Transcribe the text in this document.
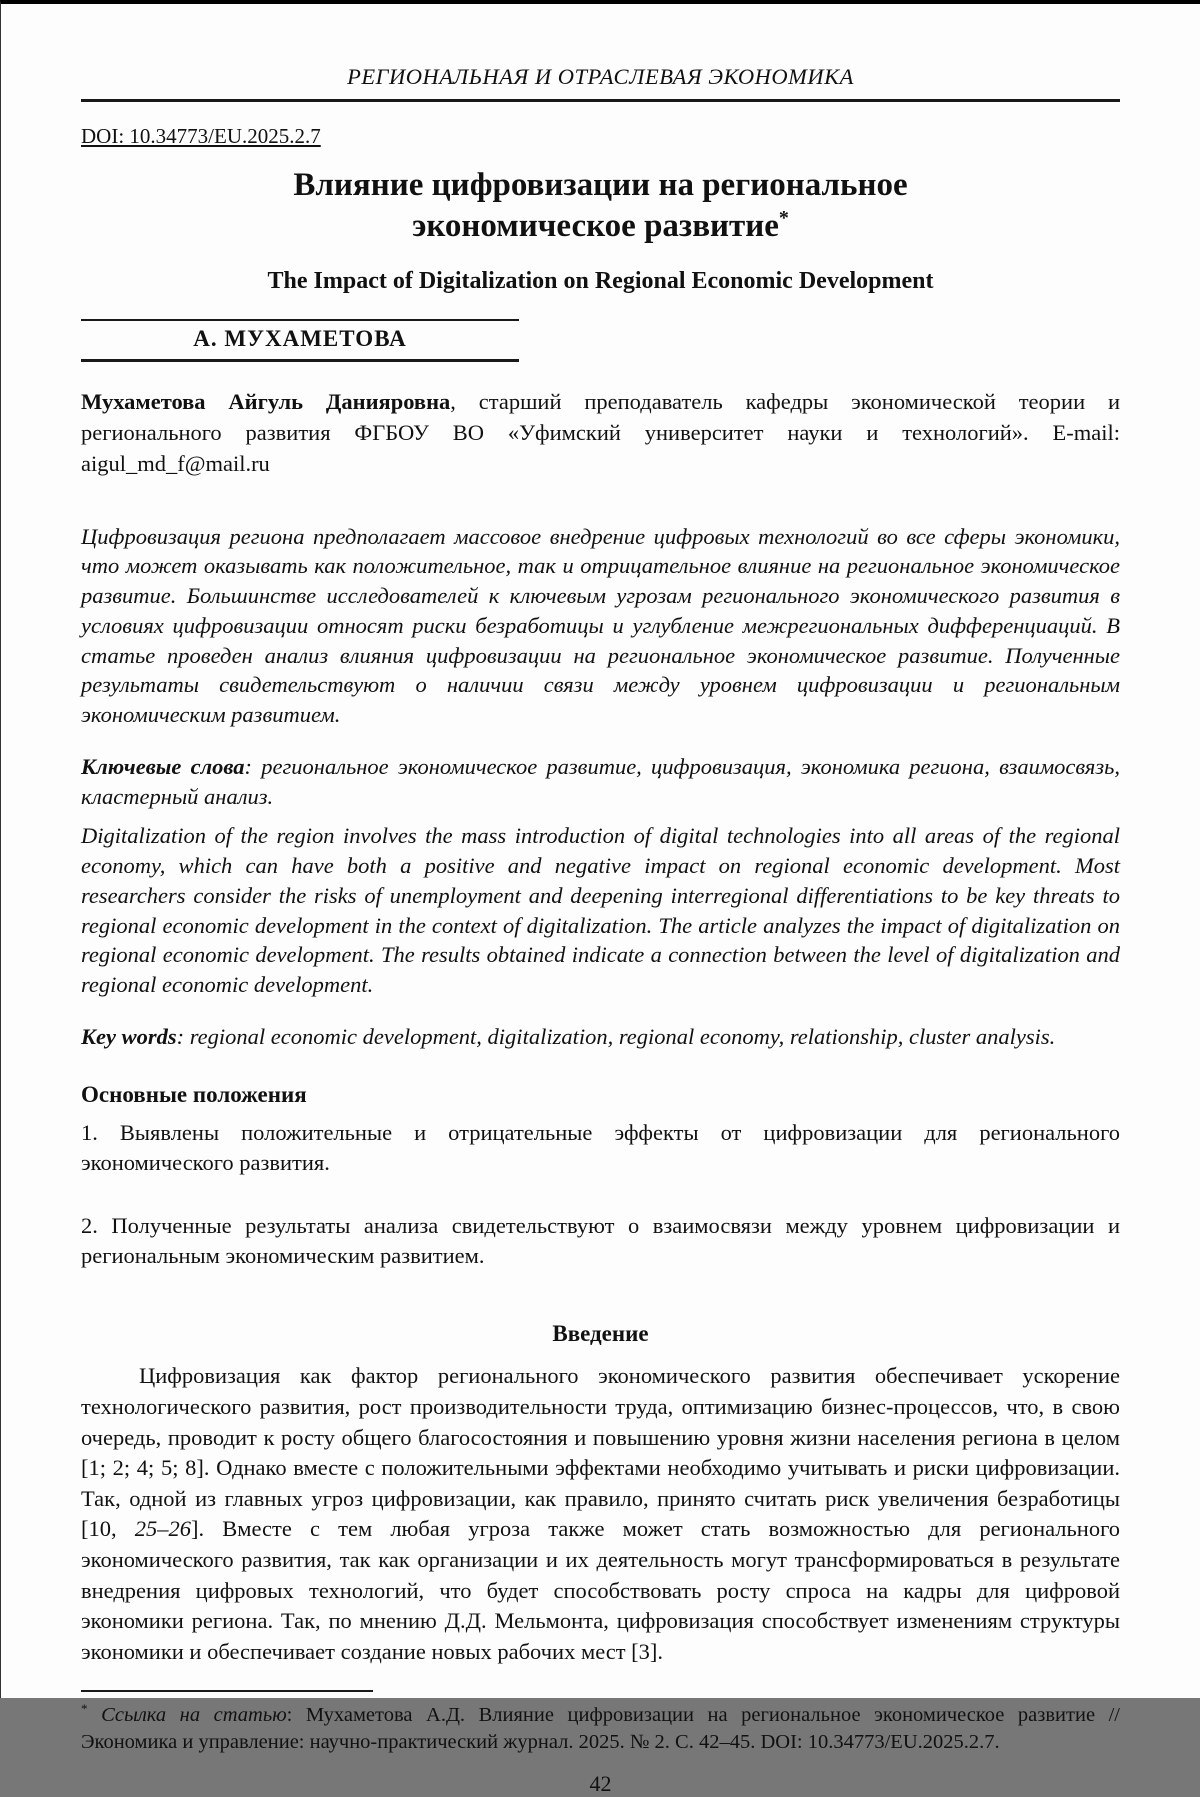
РЕГИОНАЛЬНАЯ И ОТРАСЛЕВАЯ ЭКОНОМИКА
DOI: 10.34773/EU.2025.2.7
Влияние цифровизации на региональное
экономическое развитие*
The Impact of Digitalization on Regional Economic Development
А. МУХАМЕТОВА

Мухаметова Айгуль Данияровна, старший преподаватель кафедры экономической теории и регионального развития ФГБОУ ВО «Уфимский университет науки и технологий». E-mail: aigul_md_f@mail.ru

Цифровизация региона предполагает массовое внедрение цифровых технологий во все сферы экономики, что может оказывать как положительное, так и отрицательное влияние на региональное экономическое развитие. Большинстве исследователей к ключевым угрозам регионального экономического развития в условиях цифровизации относят риски безработицы и углубление межрегиональных дифференциаций. В статье проведен анализ влияния цифровизации на региональное экономическое развитие. Полученные результаты свидетельствуют о наличии связи между уровнем цифровизации и региональным экономическим развитием.

Ключевые слова: региональное экономическое развитие, цифровизация, экономика региона, взаимосвязь, кластерный анализ.

Digitalization of the region involves the mass introduction of digital technologies into all areas of the regional economy, which can have both a positive and negative impact on regional economic development. Most researchers consider the risks of unemployment and deepening interregional differentiations to be key threats to regional economic development in the context of digitalization. The article analyzes the impact of digitalization on regional economic development. The results obtained indicate a connection between the level of digitalization and regional economic development.

Key words: regional economic development, digitalization, regional economy, relationship, cluster analysis.

Основные положения

1. Выявлены положительные и отрицательные эффекты от цифровизации для регионального экономического развития.

2. Полученные результаты анализа свидетельствуют о взаимосвязи между уровнем цифровизации и региональным экономическим развитием.

Введение

Цифровизация как фактор регионального экономического развития обеспечивает ускорение технологического развития, рост производительности труда, оптимизацию бизнес-процессов, что, в свою очередь, проводит к росту общего благосостояния и повышению уровня жизни населения региона в целом [1; 2; 4; 5; 8]. Однако вместе с положительными эффектами необходимо учитывать и риски цифровизации. Так, одной из главных угроз цифровизации, как правило, принято считать риск увеличения безработицы [10, 25–26]. Вместе с тем любая угроза также может стать возможностью для регионального экономического развития, так как организации и их деятельность могут трансформироваться в результате внедрения цифровых технологий, что будет способствовать росту спроса на кадры для цифровой экономики региона. Так, по мнению Д.Д. Мельмонта, цифровизация способствует изменениям структуры экономики и обеспечивает создание новых рабочих мест [3].

* Ссылка на статью: Мухаметова А.Д. Влияние цифровизации на региональное экономическое развитие // Экономика и управление: научно-практический журнал. 2025. № 2. С. 42–45. DOI: 10.34773/EU.2025.2.7.
42
